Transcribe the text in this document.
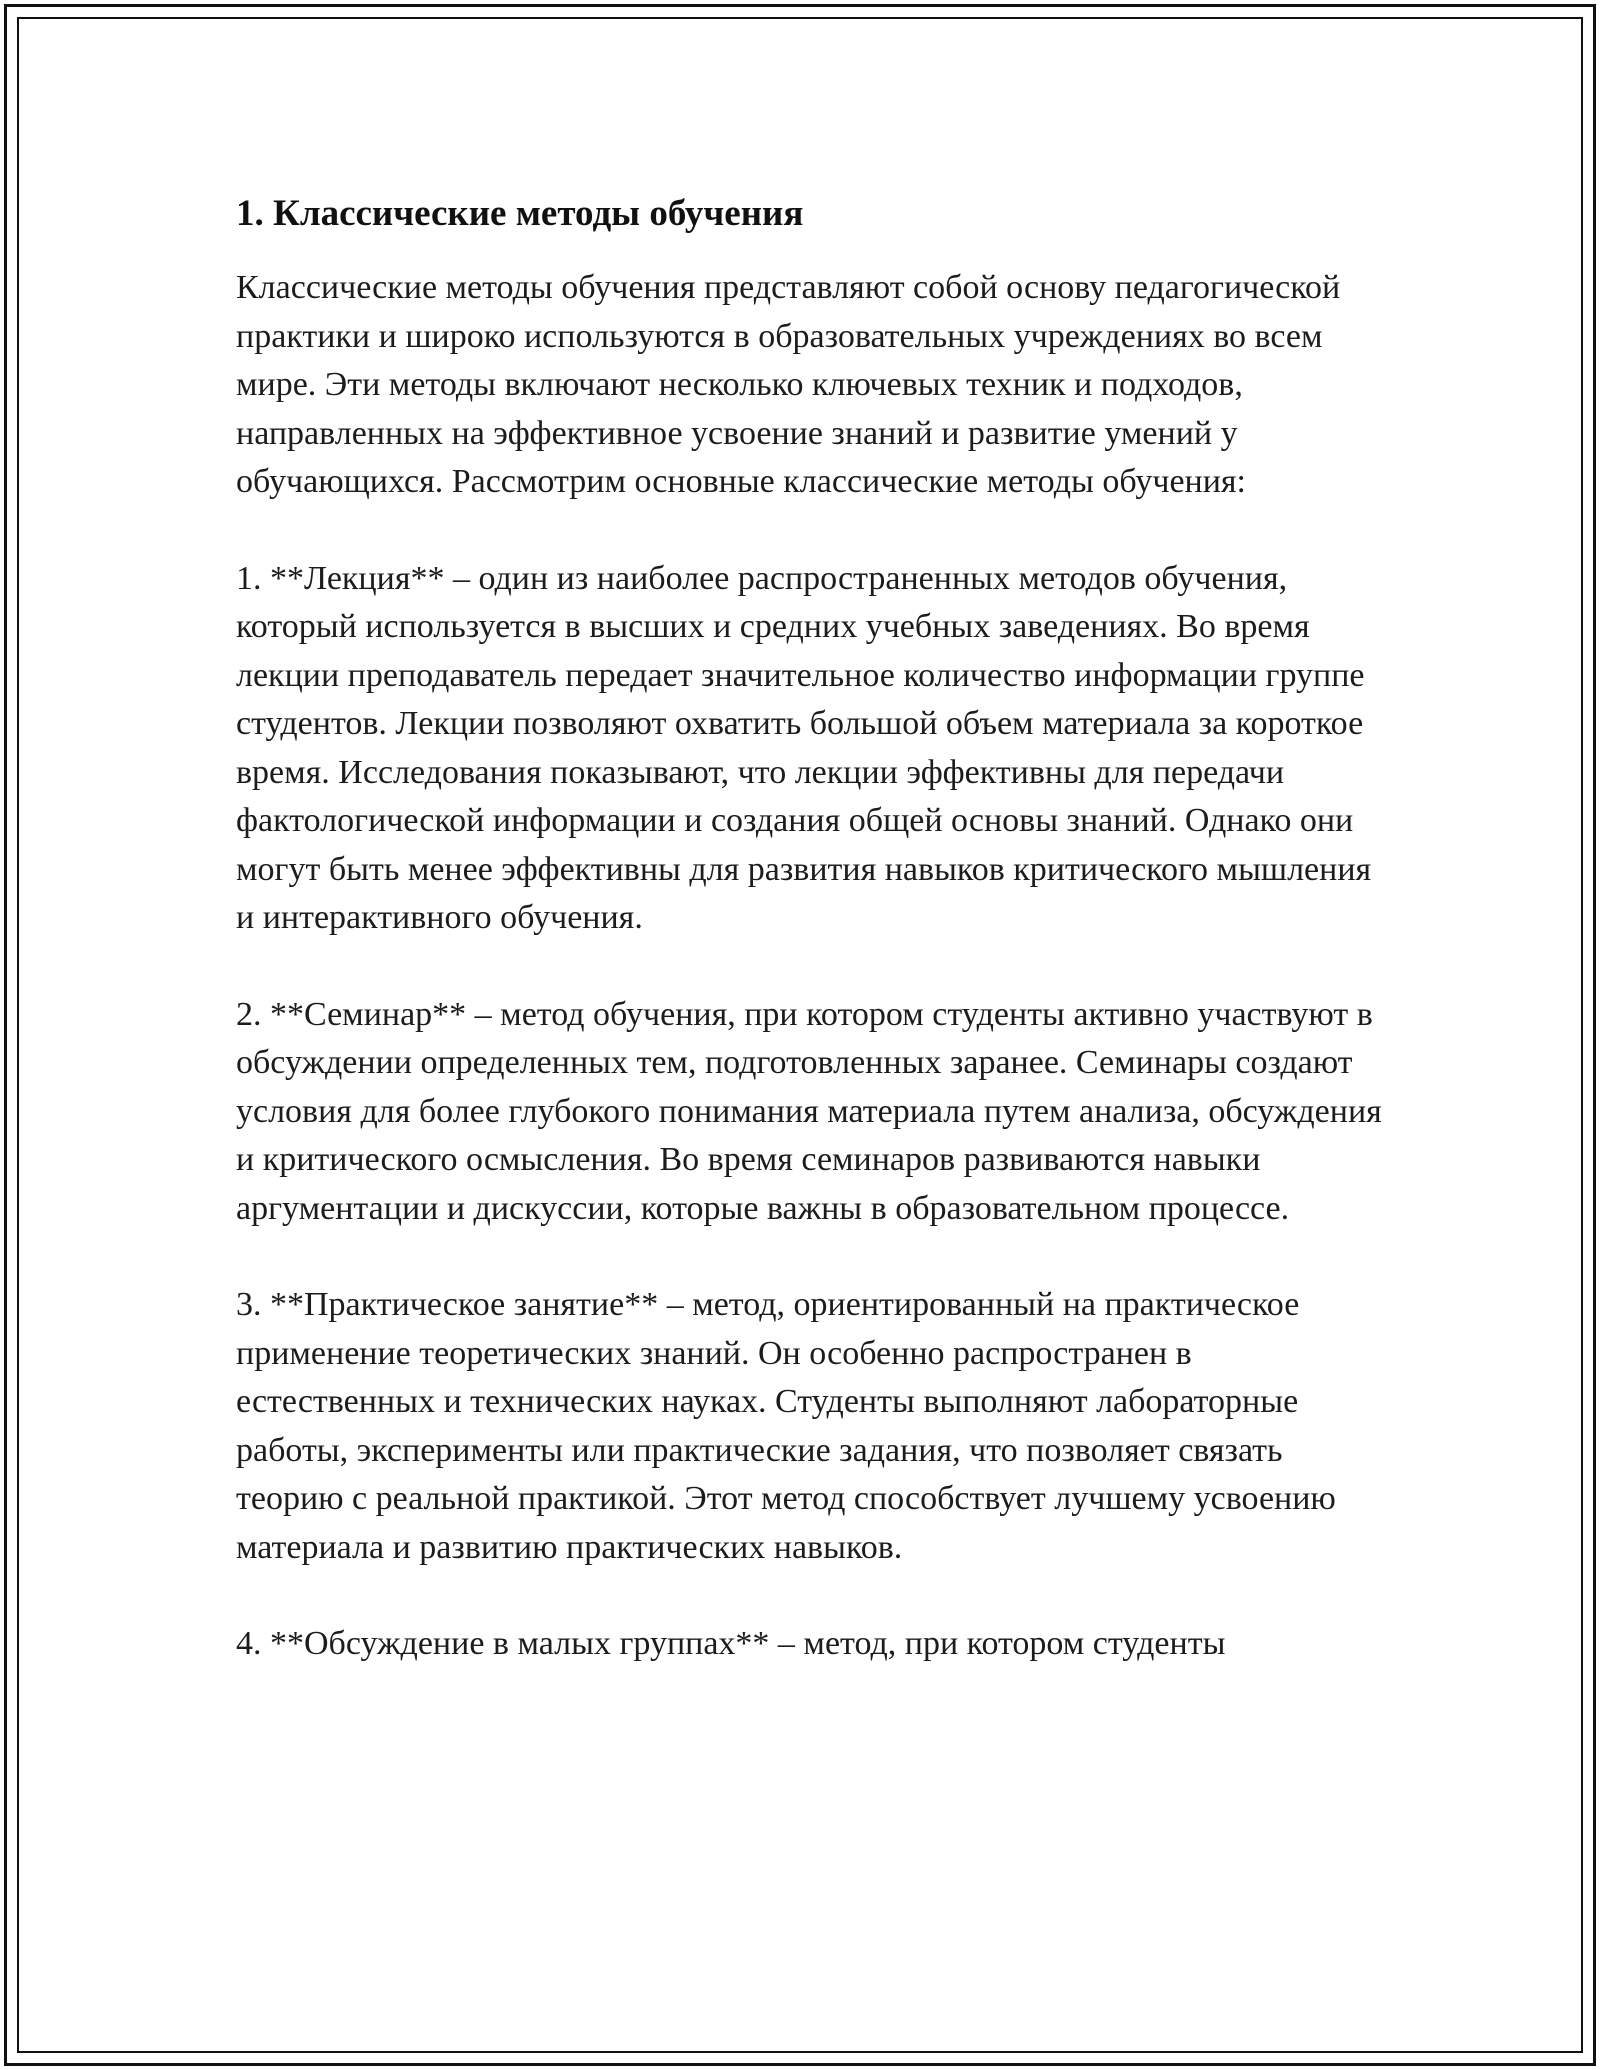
1. Классические методы обучения

Классические методы обучения представляют собой основу педагогической практики и широко используются в образовательных учреждениях во всем мире. Эти методы включают несколько ключевых техник и подходов, направленных на эффективное усвоение знаний и развитие умений у обучающихся. Рассмотрим основные классические методы обучения:

1. **Лекция** – один из наиболее распространенных методов обучения, который используется в высших и средних учебных заведениях. Во время лекции преподаватель передает значительное количество информации группе студентов. Лекции позволяют охватить большой объем материала за короткое время. Исследования показывают, что лекции эффективны для передачи фактологической информации и создания общей основы знаний. Однако они могут быть менее эффективны для развития навыков критического мышления и интерактивного обучения.

2. **Семинар** – метод обучения, при котором студенты активно участвуют в обсуждении определенных тем, подготовленных заранее. Семинары создают условия для более глубокого понимания материала путем анализа, обсуждения и критического осмысления. Во время семинаров развиваются навыки аргументации и дискуссии, которые важны в образовательном процессе.

3. **Практическое занятие** – метод, ориентированный на практическое применение теоретических знаний. Он особенно распространен в естественных и технических науках. Студенты выполняют лабораторные работы, эксперименты или практические задания, что позволяет связать теорию с реальной практикой. Этот метод способствует лучшему усвоению материала и развитию практических навыков.

4. **Обсуждение в малых группах** – метод, при котором студенты
